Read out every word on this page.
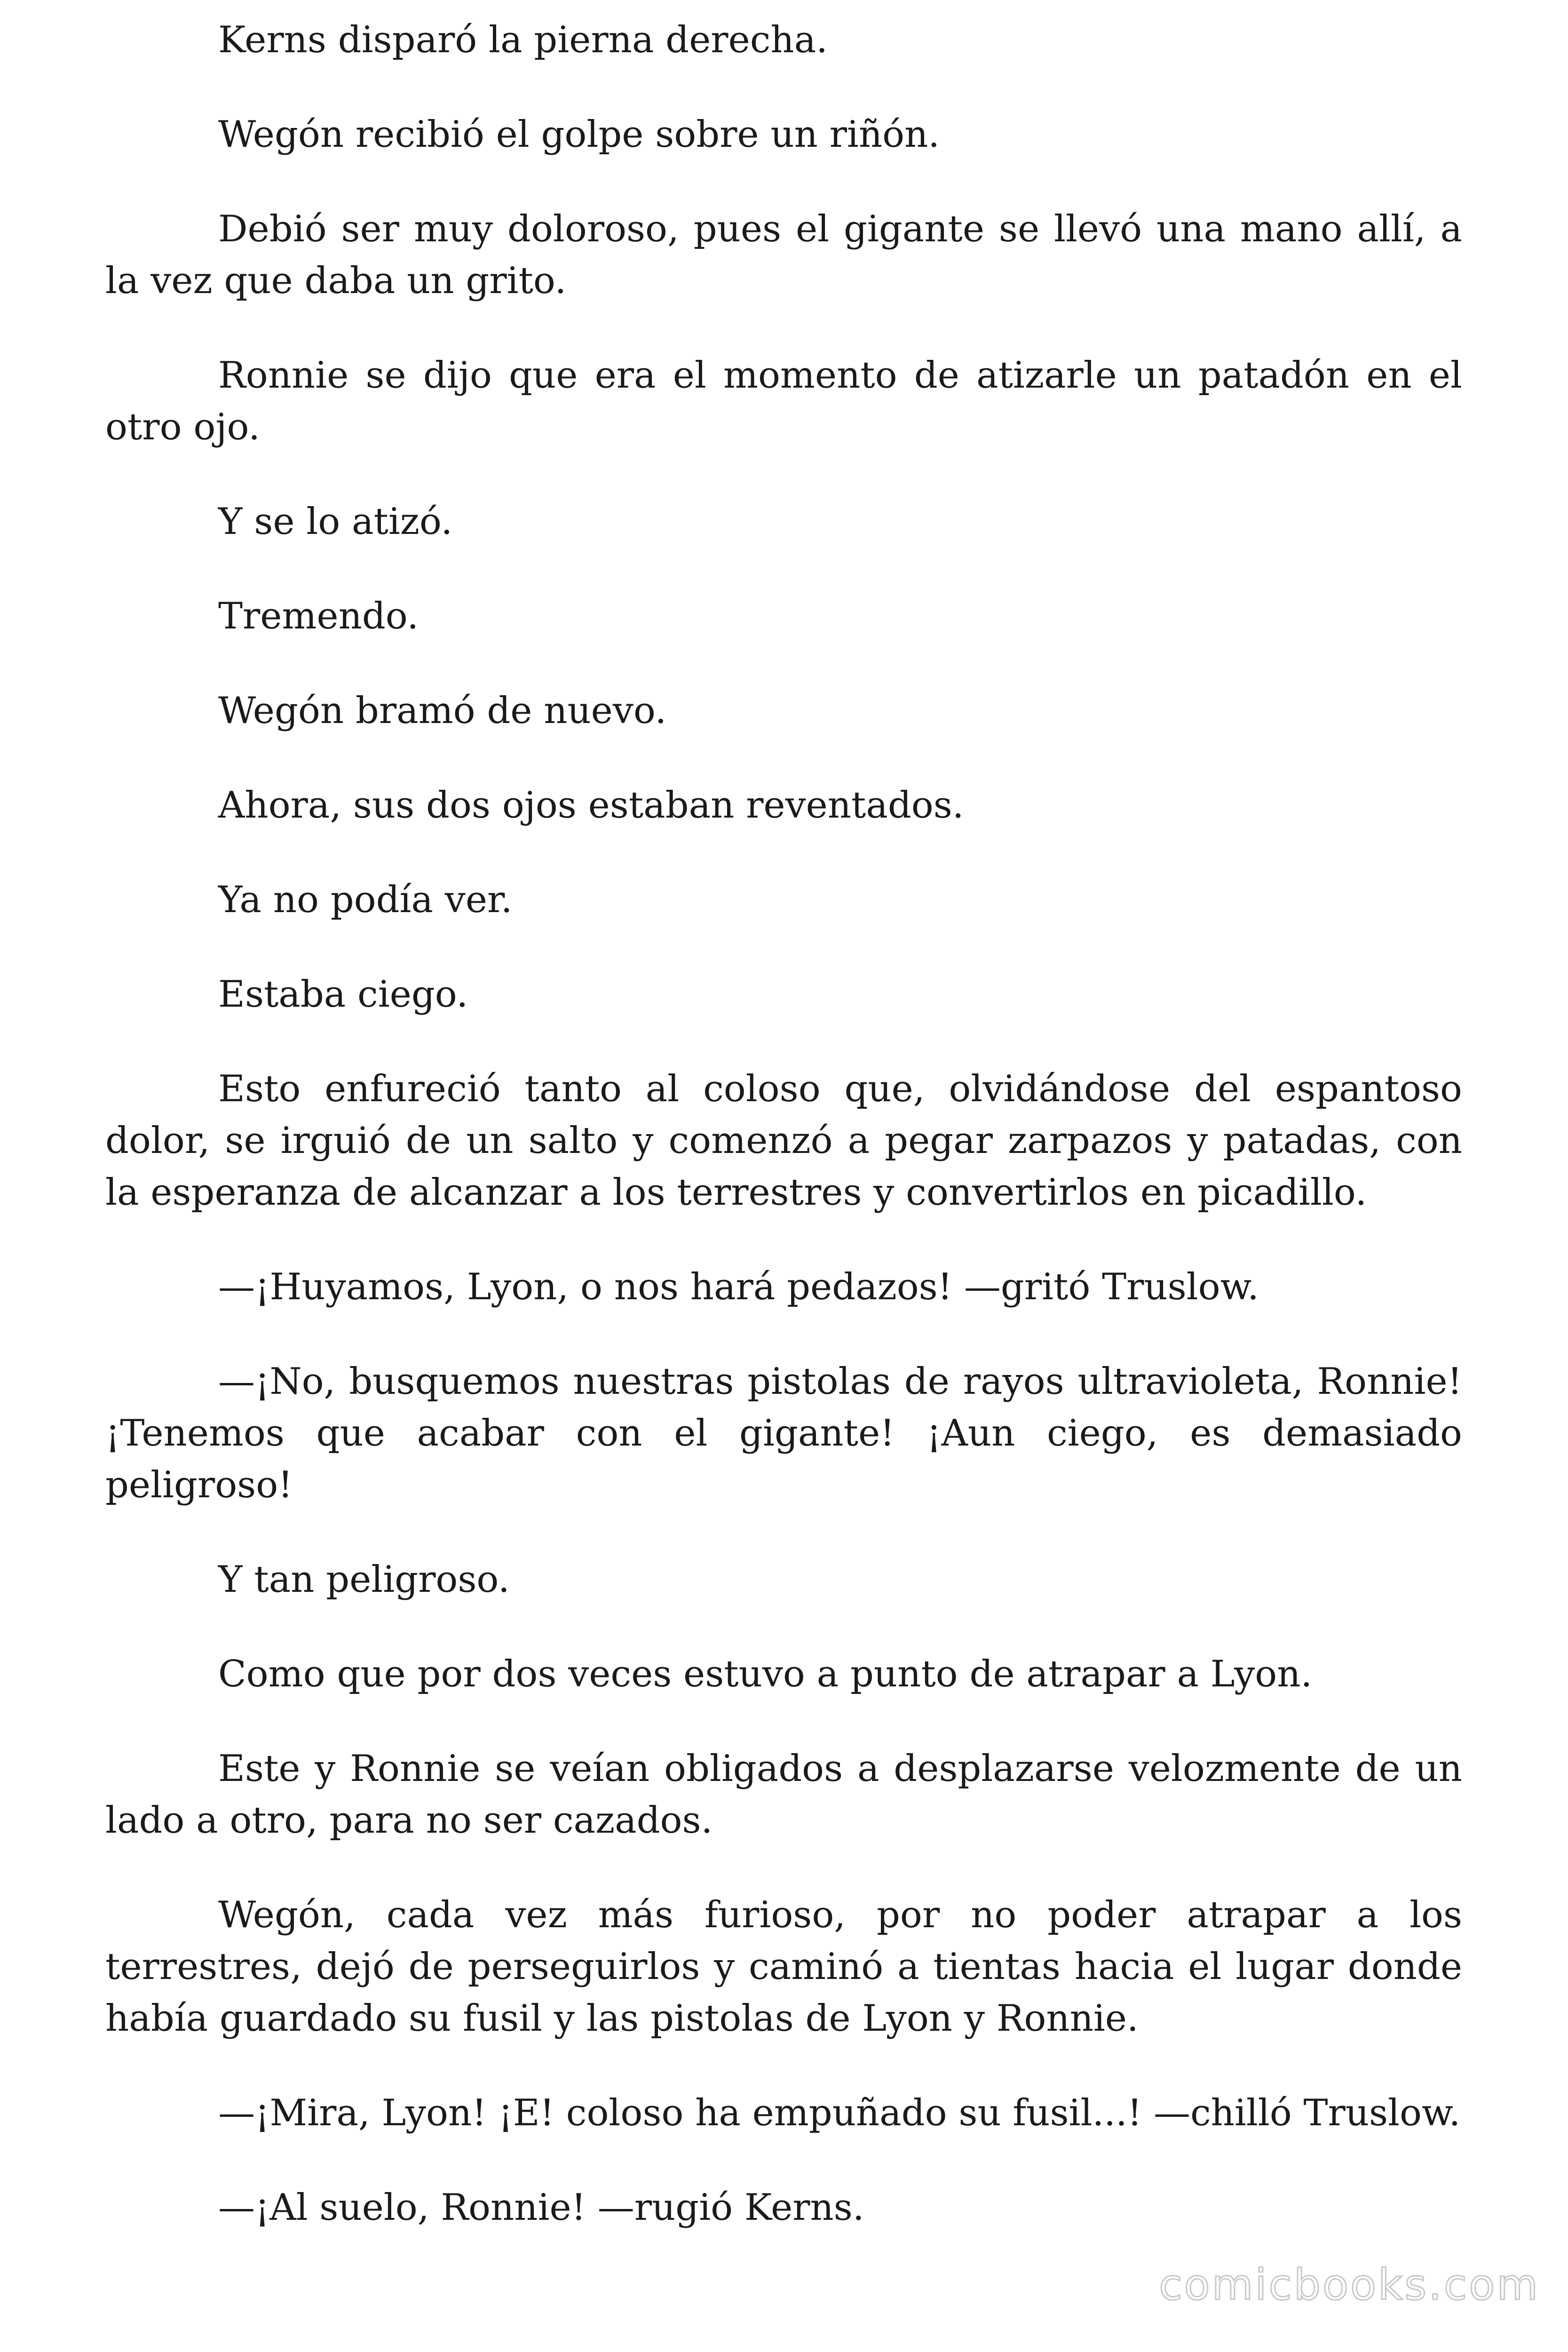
Kerns disparó la pierna derecha.

Wegón recibió el golpe sobre un riñón.

Debió ser muy doloroso, pues el gigante se llevó una mano allí, a la vez que daba un grito.

Ronnie se dijo que era el momento de atizarle un patadón en el otro ojo.

Y se lo atizó.

Tremendo.

Wegón bramó de nuevo.

Ahora, sus dos ojos estaban reventados.

Ya no podía ver.

Estaba ciego.

Esto enfureció tanto al coloso que, olvidándose del espantoso dolor, se irguió de un salto y comenzó a pegar zarpazos y patadas, con la esperanza de alcanzar a los terrestres y convertirlos en picadillo.

—¡Huyamos, Lyon, o nos hará pedazos! —gritó Truslow.

—¡No, busquemos nuestras pistolas de rayos ultravioleta, Ronnie! ¡Tenemos que acabar con el gigante! ¡Aun ciego, es demasiado peligroso!

Y tan peligroso.

Como que por dos veces estuvo a punto de atrapar a Lyon.

Este y Ronnie se veían obligados a desplazarse velozmente de un lado a otro, para no ser cazados.

Wegón, cada vez más furioso, por no poder atrapar a los terrestres, dejó de perseguirlos y caminó a tientas hacia el lugar donde había guardado su fusil y las pistolas de Lyon y Ronnie.

—¡Mira, Lyon! ¡E! coloso ha empuñado su fusil...! —chilló Truslow.

—¡Al suelo, Ronnie! —rugió Kerns.

comicbooks.com
